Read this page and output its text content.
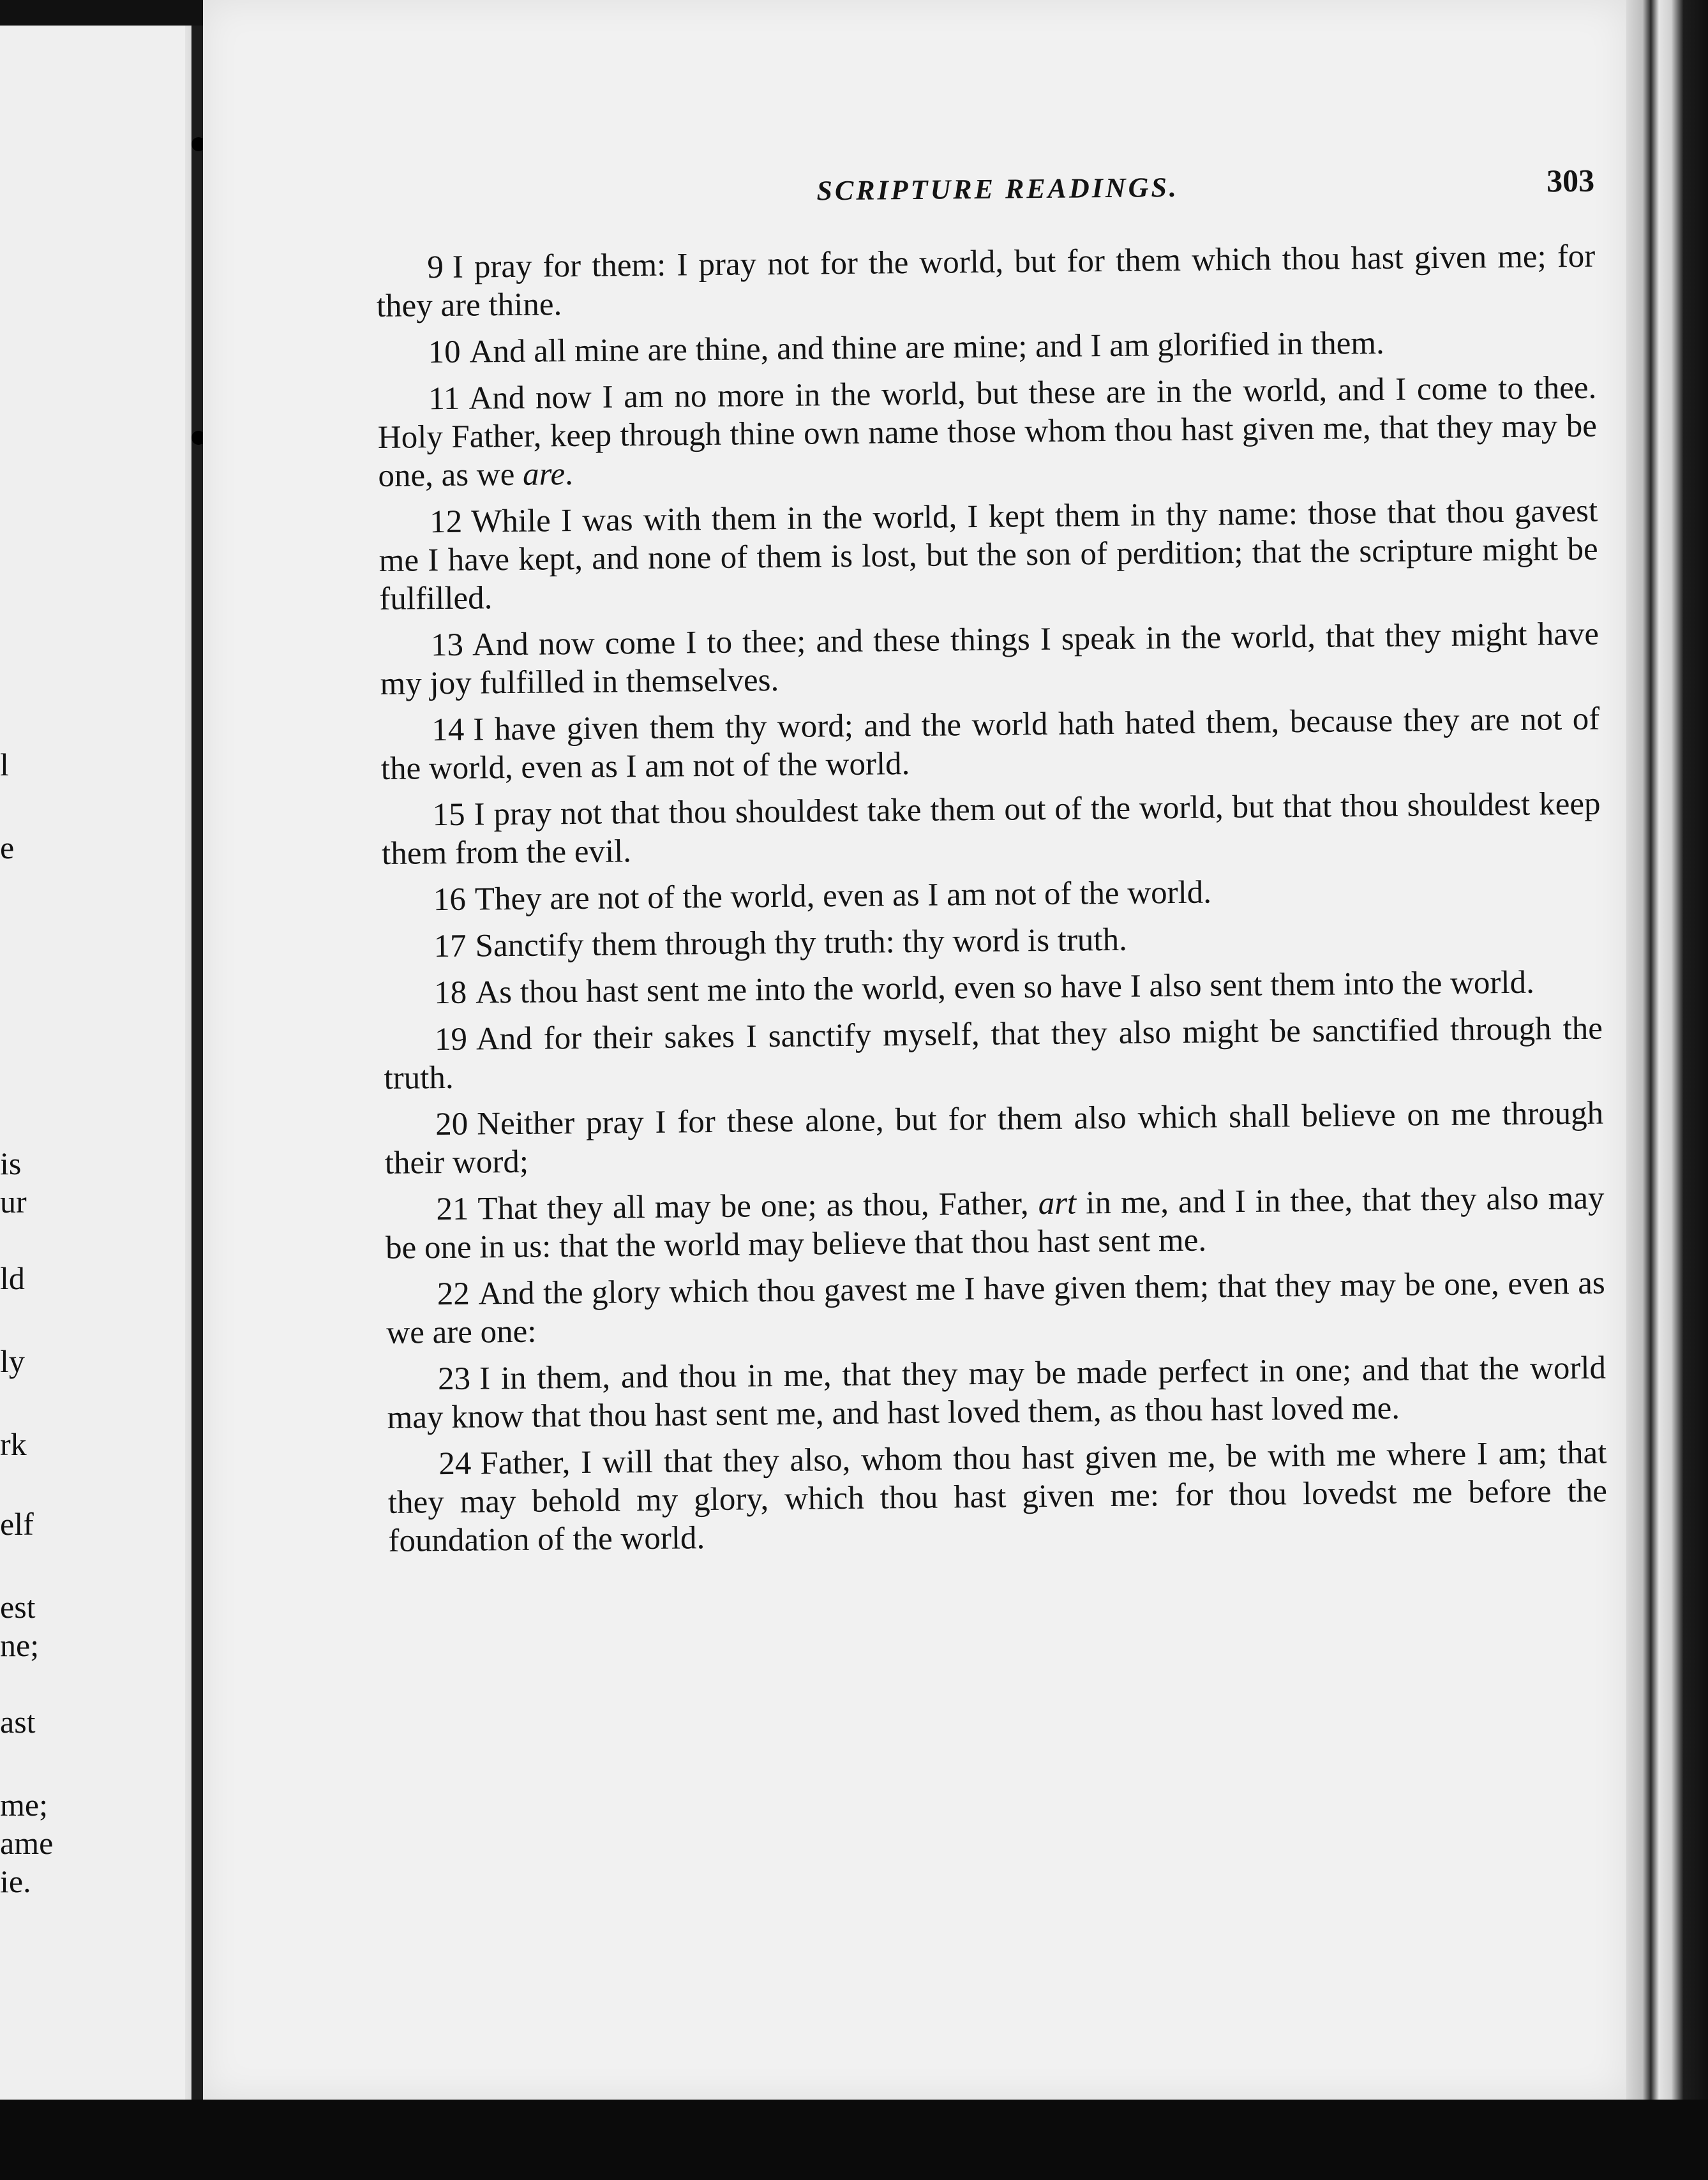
l
e
is
ur
ld
ly
rk
elf
est
ne;
ast
me;
ame
ie.
SCRIPTURE READINGS.	303

9 I pray for them: I pray not for the world, but for them which thou hast given me; for they are thine.

10 And all mine are thine, and thine are mine; and I am glorified in them.

11 And now I am no more in the world, but these are in the world, and I come to thee. Holy Father, keep through thine own name those whom thou hast given me, that they may be one, as we are.

12 While I was with them in the world, I kept them in thy name: those that thou gavest me I have kept, and none of them is lost, but the son of perdition; that the scripture might be fulfilled.

13 And now come I to thee; and these things I speak in the world, that they might have my joy fulfilled in themselves.

14 I have given them thy word; and the world hath hated them, because they are not of the world, even as I am not of the world.

15 I pray not that thou shouldest take them out of the world, but that thou shouldest keep them from the evil.

16 They are not of the world, even as I am not of the world.

17 Sanctify them through thy truth: thy word is truth.

18 As thou hast sent me into the world, even so have I also sent them into the world.

19 And for their sakes I sanctify myself, that they also might be sanctified through the truth.

20 Neither pray I for these alone, but for them also which shall believe on me through their word;

21 That they all may be one; as thou, Father, art in me, and I in thee, that they also may be one in us: that the world may believe that thou hast sent me.

22 And the glory which thou gavest me I have given them; that they may be one, even as we are one:

23 I in them, and thou in me, that they may be made perfect in one; and that the world may know that thou hast sent me, and hast loved them, as thou hast loved me.

24 Father, I will that they also, whom thou hast given me, be with me where I am; that they may behold my glory, which thou hast given me: for thou lovedst me before the foundation of the world.
